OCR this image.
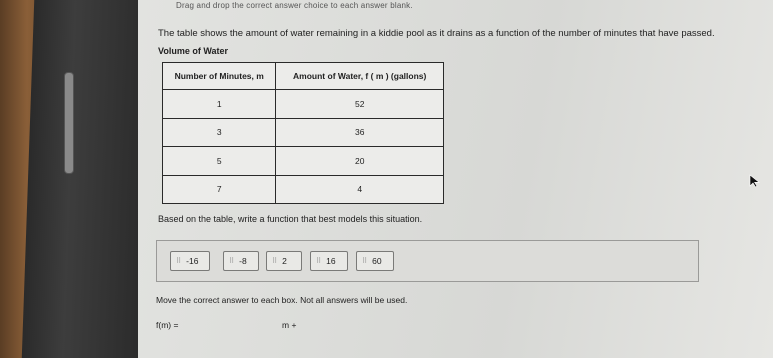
Drag and drop the correct answer choice to each answer blank.
The table shows the amount of water remaining in a kiddie pool as it drains as a function of the number of minutes that have passed.
Volume of Water
Number of Minutes, m	Amount of Water, f ( m ) (gallons)
1	52
3	36
5	20
7	4
Based on the table, write a function that best models this situation.
⠿ -16	⠿ -8	⠿ 2	⠿ 16	⠿ 60
Move the correct answer to each box. Not all answers will be used.
f(m) =	m +
